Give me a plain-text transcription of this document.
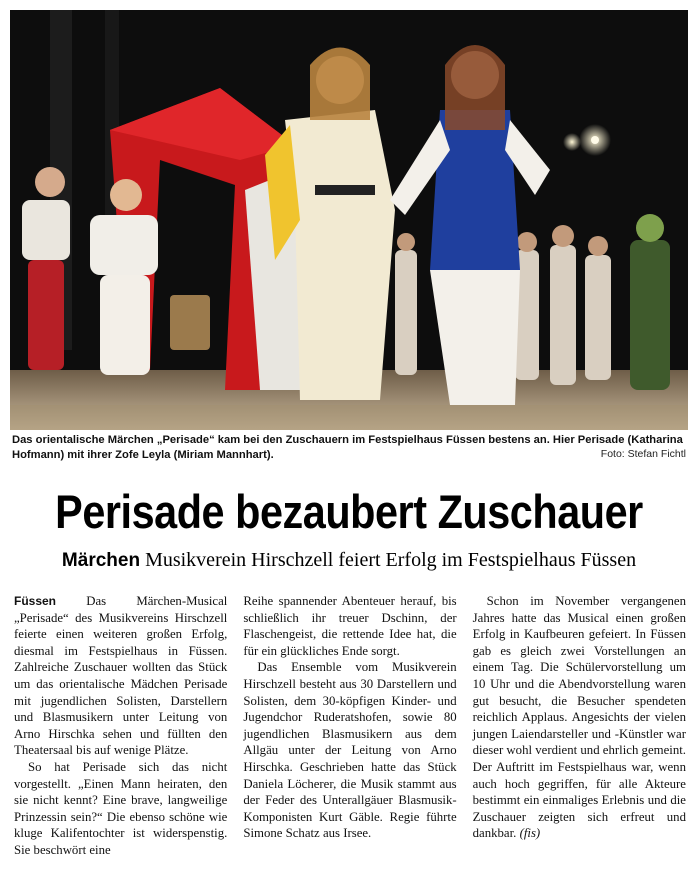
Das orientalische Märchen „Perisade“ kam bei den Zuschauern im Festspielhaus Füssen bestens an. Hier Perisade (Katharina Hofmann) mit ihrer Zofe Leyla (Miriam Mannhart).	Foto: Stefan Fichtl
Perisade bezaubert Zuschauer
Märchen Musikverein Hirschzell feiert Erfolg im Festspielhaus Füssen

Füssen Das Märchen-Musical „Perisade“ des Musikvereins Hirschzell feierte einen weiteren großen Erfolg, diesmal im Festspielhaus in Füssen. Zahlreiche Zuschauer wollten das Stück um das orientalische Mädchen Perisade mit jugendlichen Solisten, Darstellern und Blasmusikern unter Leitung von Arno Hirschka sehen und füllten den Theatersaal bis auf wenige Plätze.

So hat Perisade sich das nicht vorgestellt. „Einen Mann heiraten, den sie nicht kennt? Eine brave, langweilige Prinzessin sein?“ Die ebenso schöne wie kluge Kalifentochter ist widerspenstig. Sie beschwört eine

Reihe spannender Abenteuer herauf, bis schließlich ihr treuer Dschinn, der Flaschengeist, die rettende Idee hat, die für ein glückliches Ende sorgt.

Das Ensemble vom Musikverein Hirschzell besteht aus 30 Darstellern und Solisten, dem 30-köpfigen Kinder- und Jugendchor Ruderatshofen, sowie 80 jugendlichen Blasmusikern aus dem Allgäu unter der Leitung von Arno Hirschka. Geschrieben hatte das Stück Daniela Löcherer, die Musik stammt aus der Feder des Unterallgäuer Blasmusik-Komponisten Kurt Gäble. Regie führte Simone Schatz aus Irsee.

Schon im November vergangenen Jahres hatte das Musical einen großen Erfolg in Kaufbeuren gefeiert. In Füssen gab es gleich zwei Vorstellungen an einem Tag. Die Schülervorstellung um 10 Uhr und die Abendvorstellung waren gut besucht, die Besucher spendeten reichlich Applaus. Angesichts der vielen jungen Laiendarsteller und -Künstler war dieser wohl verdient und ehrlich gemeint. Der Auftritt im Festspielhaus war, wenn auch hoch gegriffen, für alle Akteure bestimmt ein einmaliges Erlebnis und die Zuschauer zeigten sich erfreut und dankbar. (fis)
